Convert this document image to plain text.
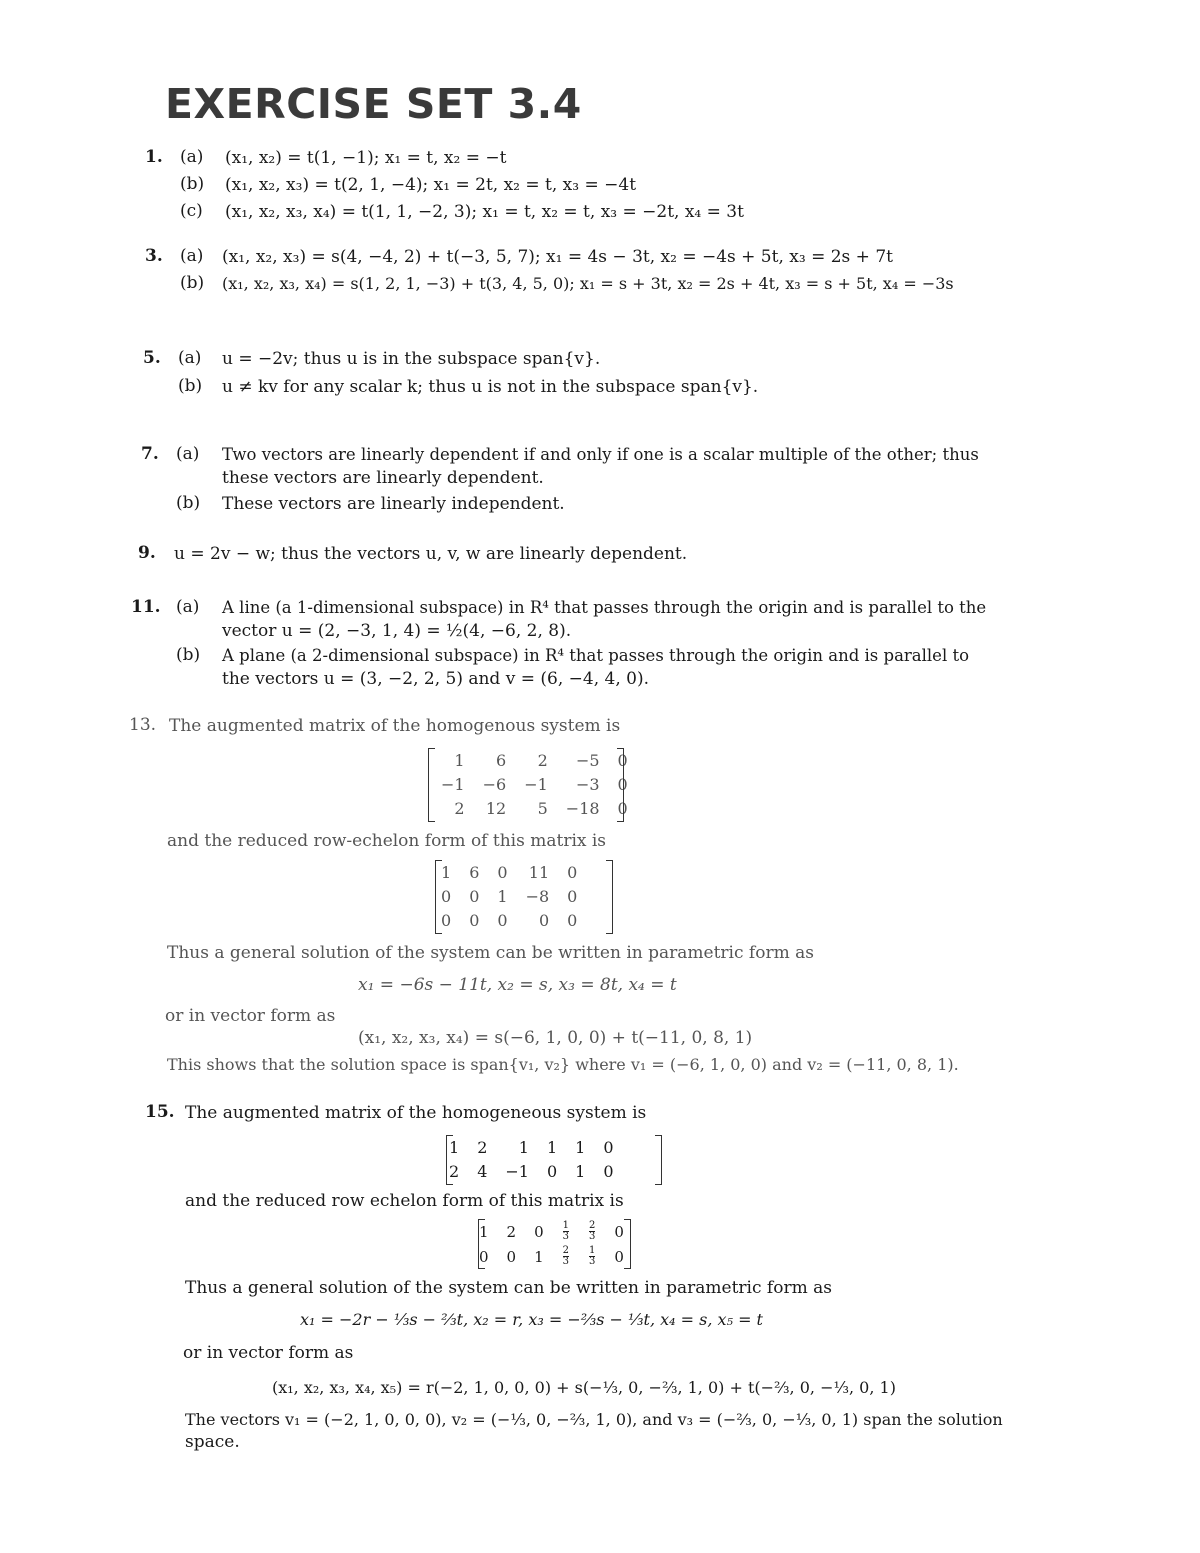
EXERCISE SET 3.4
1. (a) (x₁, x₂) = t(1, −1); x₁ = t, x₂ = −t
(b) (x₁, x₂, x₃) = t(2, 1, −4); x₁ = 2t, x₂ = t, x₃ = −4t
(c) (x₁, x₂, x₃, x₄) = t(1, 1, −2, 3); x₁ = t, x₂ = t, x₃ = −2t, x₄ = 3t
3. (a) (x₁, x₂, x₃) = s(4, −4, 2) + t(−3, 5, 7); x₁ = 4s − 3t, x₂ = −4s + 5t, x₃ = 2s + 7t
(b) (x₁, x₂, x₃, x₄) = s(1, 2, 1, −3) + t(3, 4, 5, 0); x₁ = s + 3t, x₂ = 2s + 4t, x₃ = s + 5t, x₄ = −3s
5. (a) u = −2v; thus u is in the subspace span{v}.
(b) u ≠ kv for any scalar k; thus u is not in the subspace span{v}.
7. (a) Two vectors are linearly dependent if and only if one is a scalar multiple of the other; thus
these vectors are linearly dependent.
(b) These vectors are linearly independent.
9. u = 2v − w; thus the vectors u, v, w are linearly dependent.
11. (a) A line (a 1-dimensional subspace) in R⁴ that passes through the origin and is parallel to the
vector u = (2, −3, 1, 4) = ½(4, −6, 2, 8).
(b) A plane (a 2-dimensional subspace) in R⁴ that passes through the origin and is parallel to
the vectors u = (3, −2, 2, 5) and v = (6, −4, 4, 0).
13. The augmented matrix of the homogenous system is
1	6	2	−5	0
−1	−6	−1	−3	0
2	12	5	−18	0
and the reduced row-echelon form of this matrix is
1	6	0	11	0
0	0	1	−8	0
0	0	0	0	0
Thus a general solution of the system can be written in parametric form as
x₁ = −6s − 11t, x₂ = s, x₃ = 8t, x₄ = t
or in vector form as
(x₁, x₂, x₃, x₄) = s(−6, 1, 0, 0) + t(−11, 0, 8, 1)
This shows that the solution space is span{v₁, v₂} where v₁ = (−6, 1, 0, 0) and v₂ = (−11, 0, 8, 1).
15. The augmented matrix of the homogeneous system is
1	2	1	1	1	0
2	4	−1	0	1	0
and the reduced row echelon form of this matrix is
1	2	0	$\frac{1}{3}$	$\frac{2}{3}$	0
0	0	1	$\frac{2}{3}$	$\frac{1}{3}$	0
Thus a general solution of the system can be written in parametric form as
x₁ = −2r − ⅓s − ⅔t, x₂ = r, x₃ = −⅔s − ⅓t, x₄ = s, x₅ = t
or in vector form as
(x₁, x₂, x₃, x₄, x₅) = r(−2, 1, 0, 0, 0) + s(−⅓, 0, −⅔, 1, 0) + t(−⅔, 0, −⅓, 0, 1)
The vectors v₁ = (−2, 1, 0, 0, 0), v₂ = (−⅓, 0, −⅔, 1, 0), and v₃ = (−⅔, 0, −⅓, 0, 1) span the solution
space.
